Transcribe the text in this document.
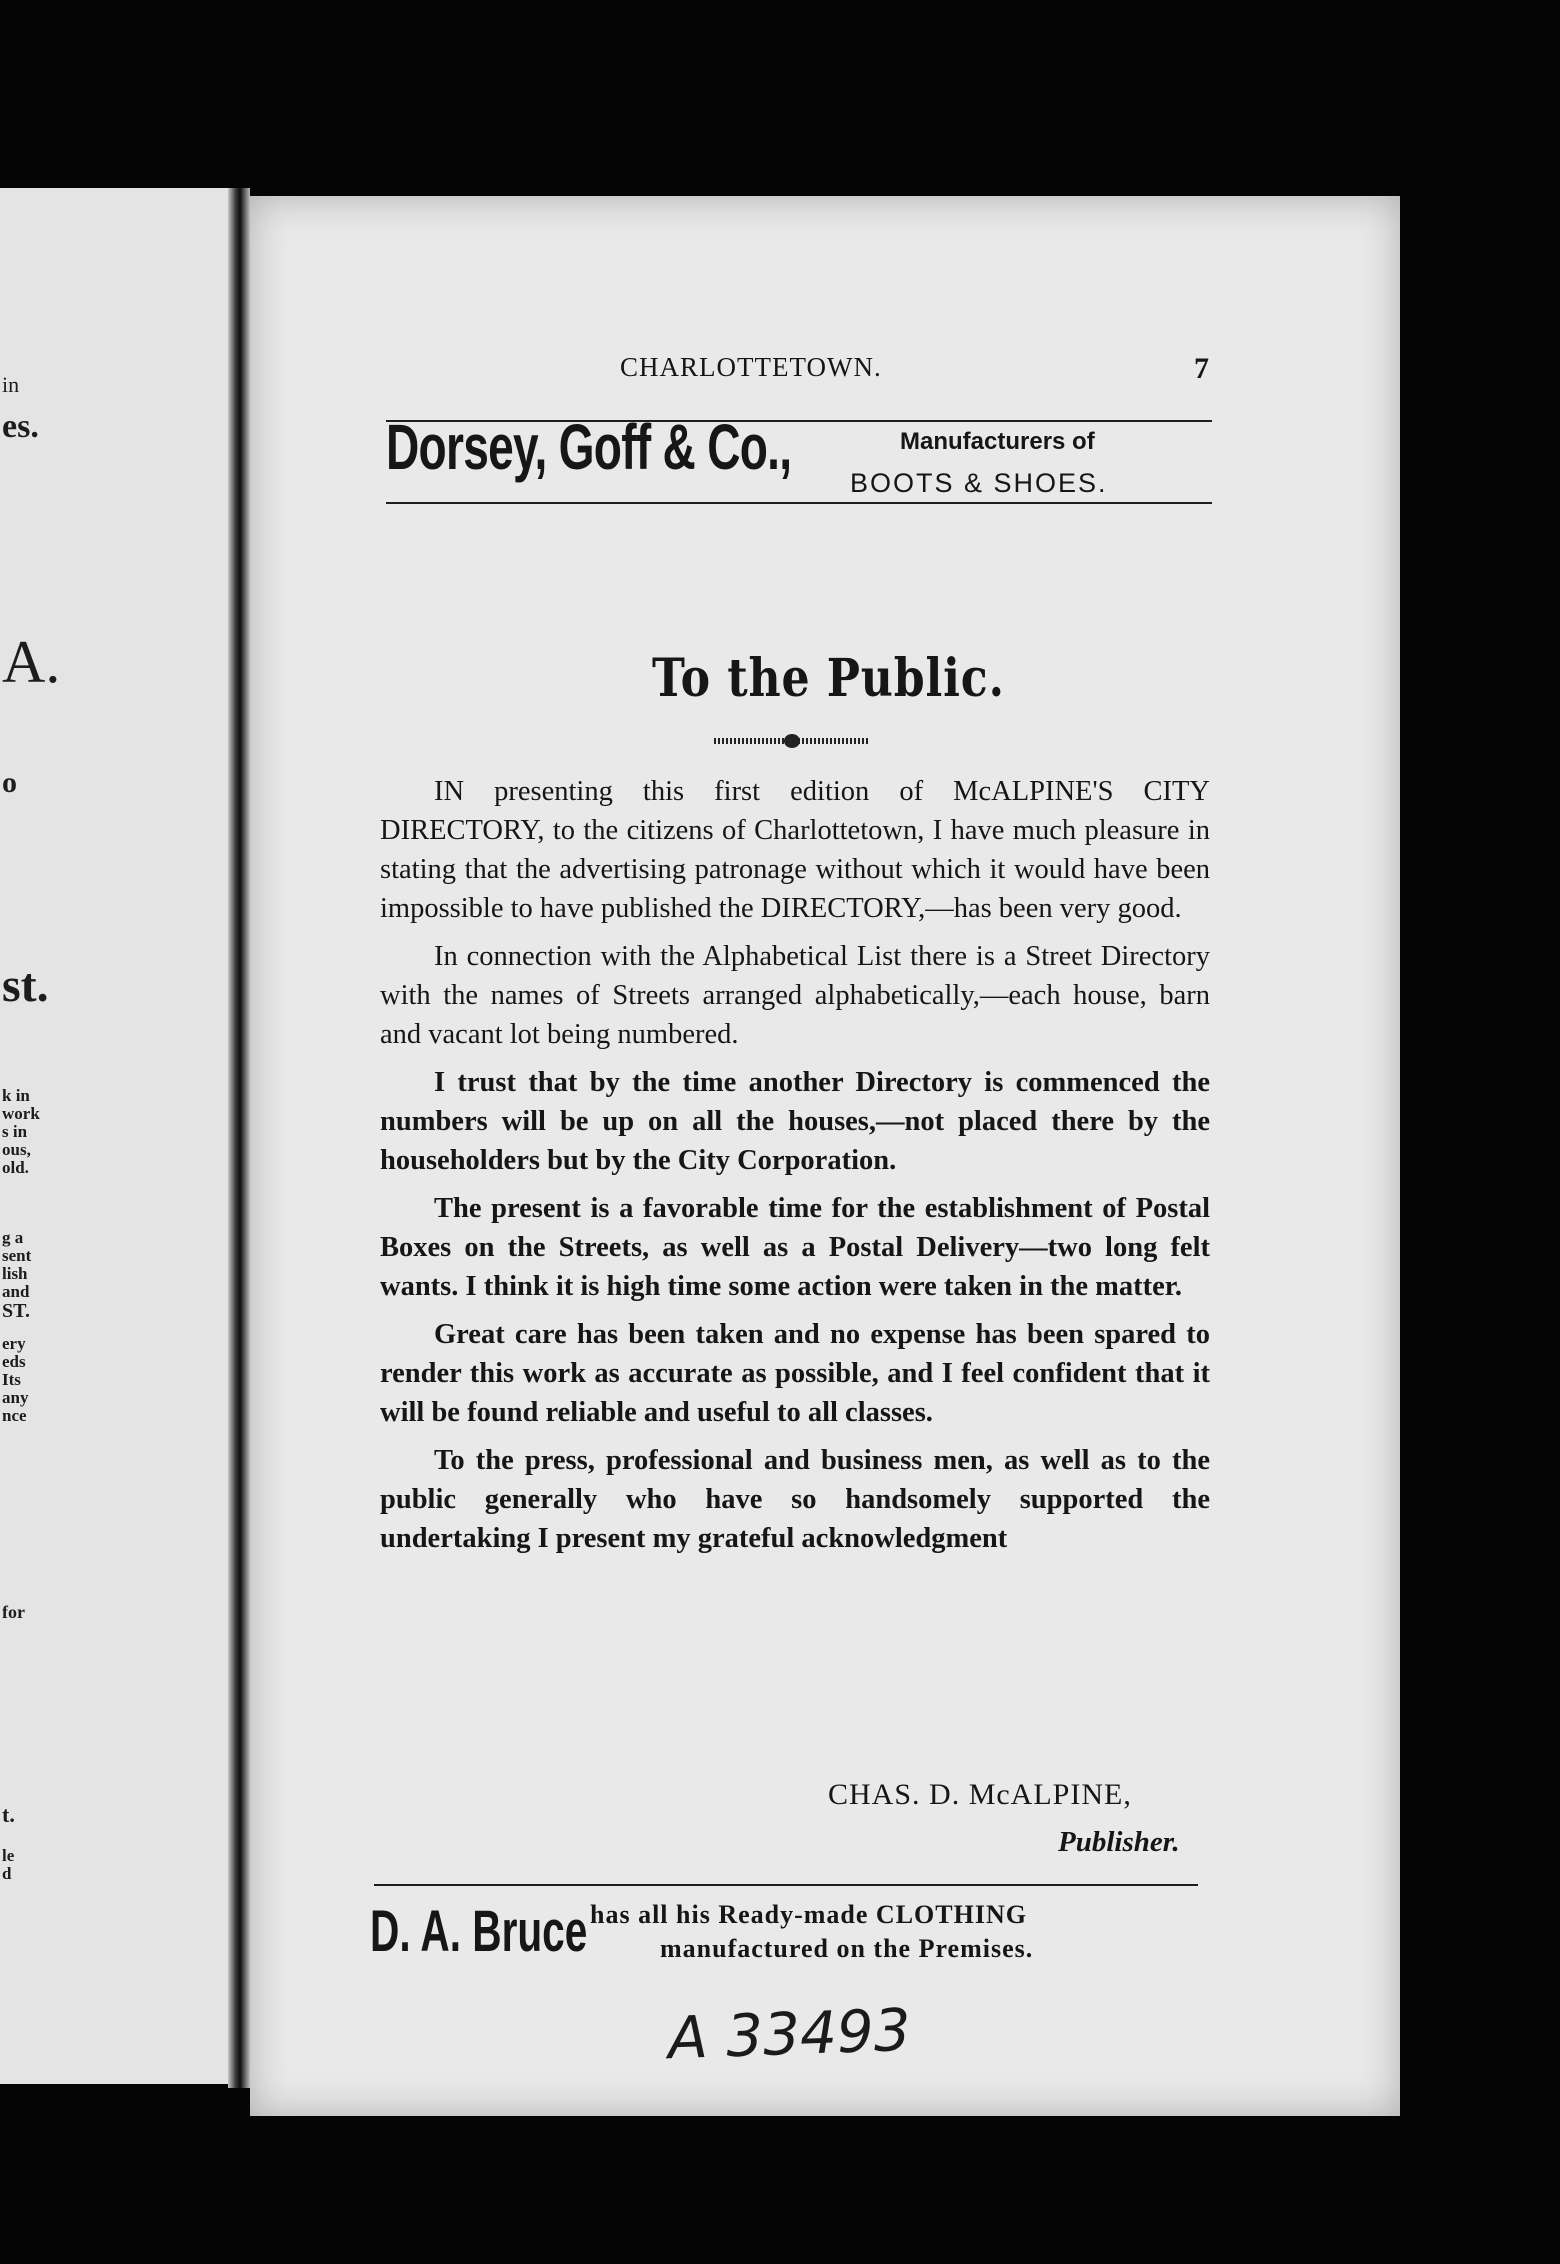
in
es.
A.
o
st.
k in
work
s in
ous,
old.
g a
sent
lish
and
ST.
ery
eds
Its
any
nce
for
t.
le
d
CHARLOTTETOWN.	7
Dorsey, Goff & Co.,	Manufacturers of
BOOTS & SHOES.
To the Public.

IN presenting this first edition of McALPINE'S CITY DIRECTORY, to the citizens of Charlottetown, I have much pleasure in stating that the advertising patronage without which it would have been impossible to have published the DIRECTORY,—has been very good.

In connection with the Alphabetical List there is a Street Directory with the names of Streets arranged alphabetically,—each house, barn and vacant lot being numbered.

I trust that by the time another Directory is commenced the numbers will be up on all the houses,—not placed there by the householders but by the City Corporation.

The present is a favorable time for the establishment of Postal Boxes on the Streets, as well as a Postal Delivery—two long felt wants. I think it is high time some action were taken in the matter.

Great care has been taken and no expense has been spared to render this work as accurate as possible, and I feel confident that it will be found reliable and useful to all classes.

To the press, professional and business men, as well as to the public generally who have so handsomely supported the undertaking I present my grateful acknowledgment

CHAS. D. McALPINE,
Publisher.
D. A. Bruce has all his Ready-made CLOTHING
manufactured on the Premises.
A 33493
